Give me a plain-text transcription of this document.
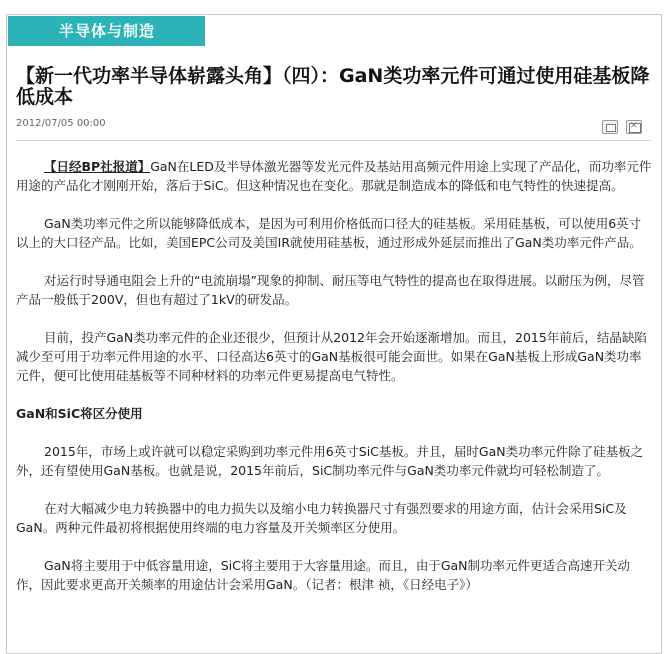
半导体与制造
【新一代功率半导体崭露头角】（四）：GaN类功率元件可通过使用硅基板降低成本
2012/07/05 00:00
✕

【日经BP社报道】GaN在LED及半导体激光器等发光元件及基站用高频元件用途上实现了产品化，而功率元件用途的产品化才刚刚开始，落后于SiC。但这种情况也在变化。那就是制造成本的降低和电气特性的快速提高。

GaN类功率元件之所以能够降低成本，是因为可利用价格低而口径大的硅基板。采用硅基板，可以使用6英寸以上的大口径产品。比如，美国EPC公司及美国IR就使用硅基板，通过形成外延层而推出了GaN类功率元件产品。

对运行时导通电阻会上升的“电流崩塌”现象的抑制、耐压等电气特性的提高也在取得进展。以耐压为例，尽管产品一般低于200V，但也有超过了1kV的研发品。

目前，投产GaN类功率元件的企业还很少，但预计从2012年会开始逐渐增加。而且，2015年前后，结晶缺陷减少至可用于功率元件用途的水平、口径高达6英寸的GaN基板很可能会面世。如果在GaN基板上形成GaN类功率元件，便可比使用硅基板等不同种材料的功率元件更易提高电气特性。

GaN和SiC将区分使用

2015年，市场上或许就可以稳定采购到功率元件用6英寸SiC基板。并且，届时GaN类功率元件除了硅基板之外，还有望使用GaN基板。也就是说，2015年前后，SiC制功率元件与GaN类功率元件就均可轻松制造了。

在对大幅减少电力转换器中的电力损失以及缩小电力转换器尺寸有强烈要求的用途方面，估计会采用SiC及GaN。两种元件最初将根据使用终端的电力容量及开关频率区分使用。

GaN将主要用于中低容量用途，SiC将主要用于大容量用途。而且，由于GaN制功率元件更适合高速开关动作，因此要求更高开关频率的用途估计会采用GaN。（记者：根津 祯，《日经电子》）
